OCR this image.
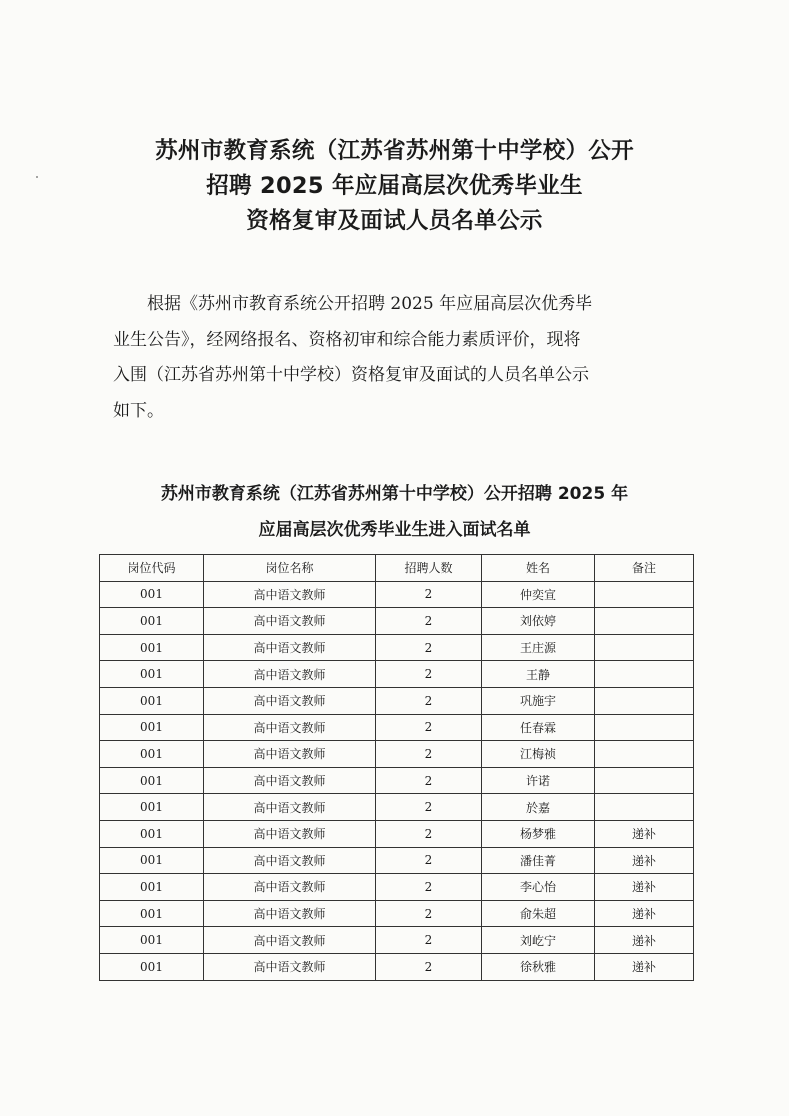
苏州市教育系统（江苏省苏州第十中学校）公开
招聘 2025 年应届高层次优秀毕业生
资格复审及面试人员名单公示
根据《苏州市教育系统公开招聘 2025 年应届高层次优秀毕
业生公告》，经网络报名、资格初审和综合能力素质评价，现将
入围（江苏省苏州第十中学校）资格复审及面试的人员名单公示
如下。
苏州市教育系统（江苏省苏州第十中学校）公开招聘 2025 年
应届高层次优秀毕业生进入面试名单
岗位代码	岗位名称	招聘人数	姓名	备注
001	高中语文教师	2	仲奕宣	
001	高中语文教师	2	刘依婷	
001	高中语文教师	2	王庄源	
001	高中语文教师	2	王静	
001	高中语文教师	2	巩施宇	
001	高中语文教师	2	任春霖	
001	高中语文教师	2	江梅祯	
001	高中语文教师	2	许诺	
001	高中语文教师	2	於嘉	
001	高中语文教师	2	杨梦雅	递补
001	高中语文教师	2	潘佳菁	递补
001	高中语文教师	2	李心怡	递补
001	高中语文教师	2	俞朱超	递补
001	高中语文教师	2	刘屹宁	递补
001	高中语文教师	2	徐秋雅	递补
